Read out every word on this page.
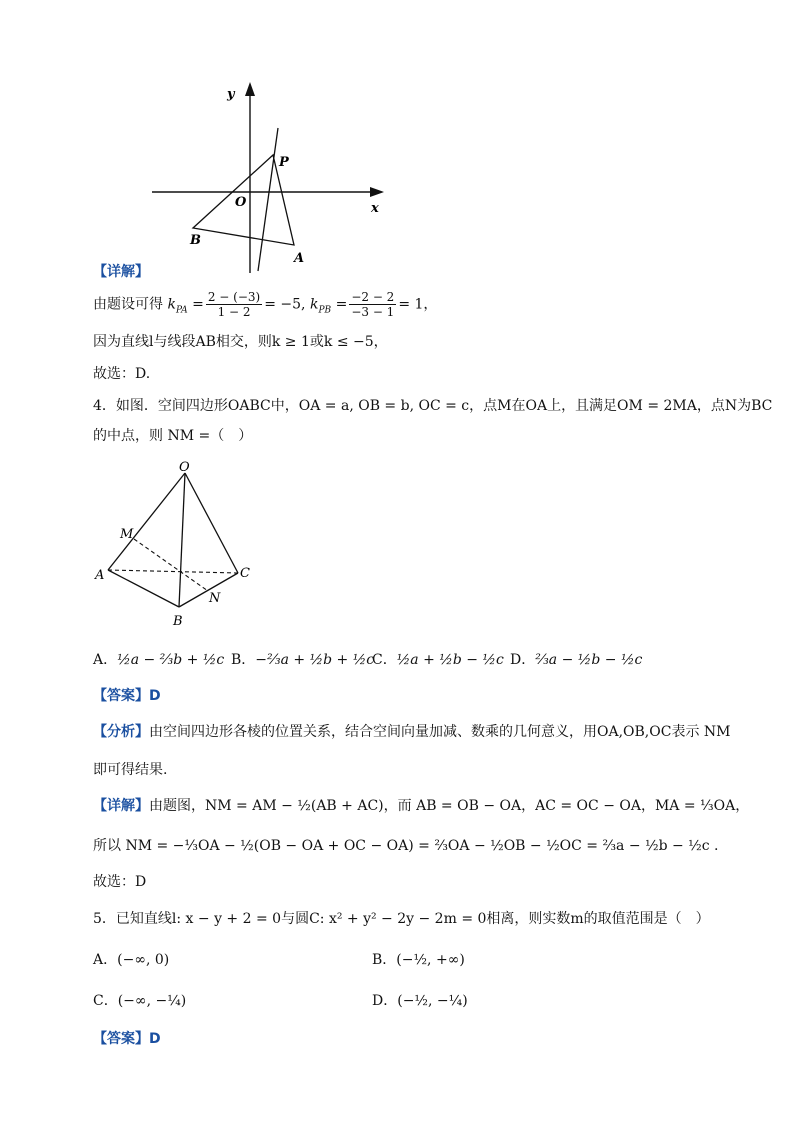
y
x
O
P
B
A
【详解】
由题设可得 $k_{PA} = \frac{2 - (-3)}{1 - 2} = -5$, $k_{PB} = \frac{-2 - 2}{-3 - 1} = 1$，
因为直线l与线段AB相交，则k ≥ 1或k ≤ −5，
故选：D.
4．如图．空间四边形OABC中，OA = a, OB = b, OC = c，点M在OA上，且满足OM = 2MA，点N为BC
的中点，则 NM =（　）
O
M
A	C
N
B
A．½a − ⅔b + ½c B．−⅔a + ½b + ½c
C．½a + ½b − ½c D．⅔a − ½b − ½c
【答案】D
【分析】由空间四边形各棱的位置关系，结合空间向量加减、数乘的几何意义，用OA,OB,OC表示 NM
即可得结果.
【详解】由题图，NM = AM − ½(AB + AC)，而 AB = OB − OA，AC = OC − OA，MA = ⅓OA，
所以 NM = −⅓OA − ½(OB − OA + OC − OA) = ⅔OA − ½OB − ½OC = ⅔a − ½b − ½c .
故选：D
5．已知直线l: x − y + 2 = 0与圆C: x² + y² − 2y − 2m = 0相离，则实数m的取值范围是（　）
A．(−∞, 0)	B．(−½, +∞)
C．(−∞, −¼)	D．(−½, −¼)
【答案】D
